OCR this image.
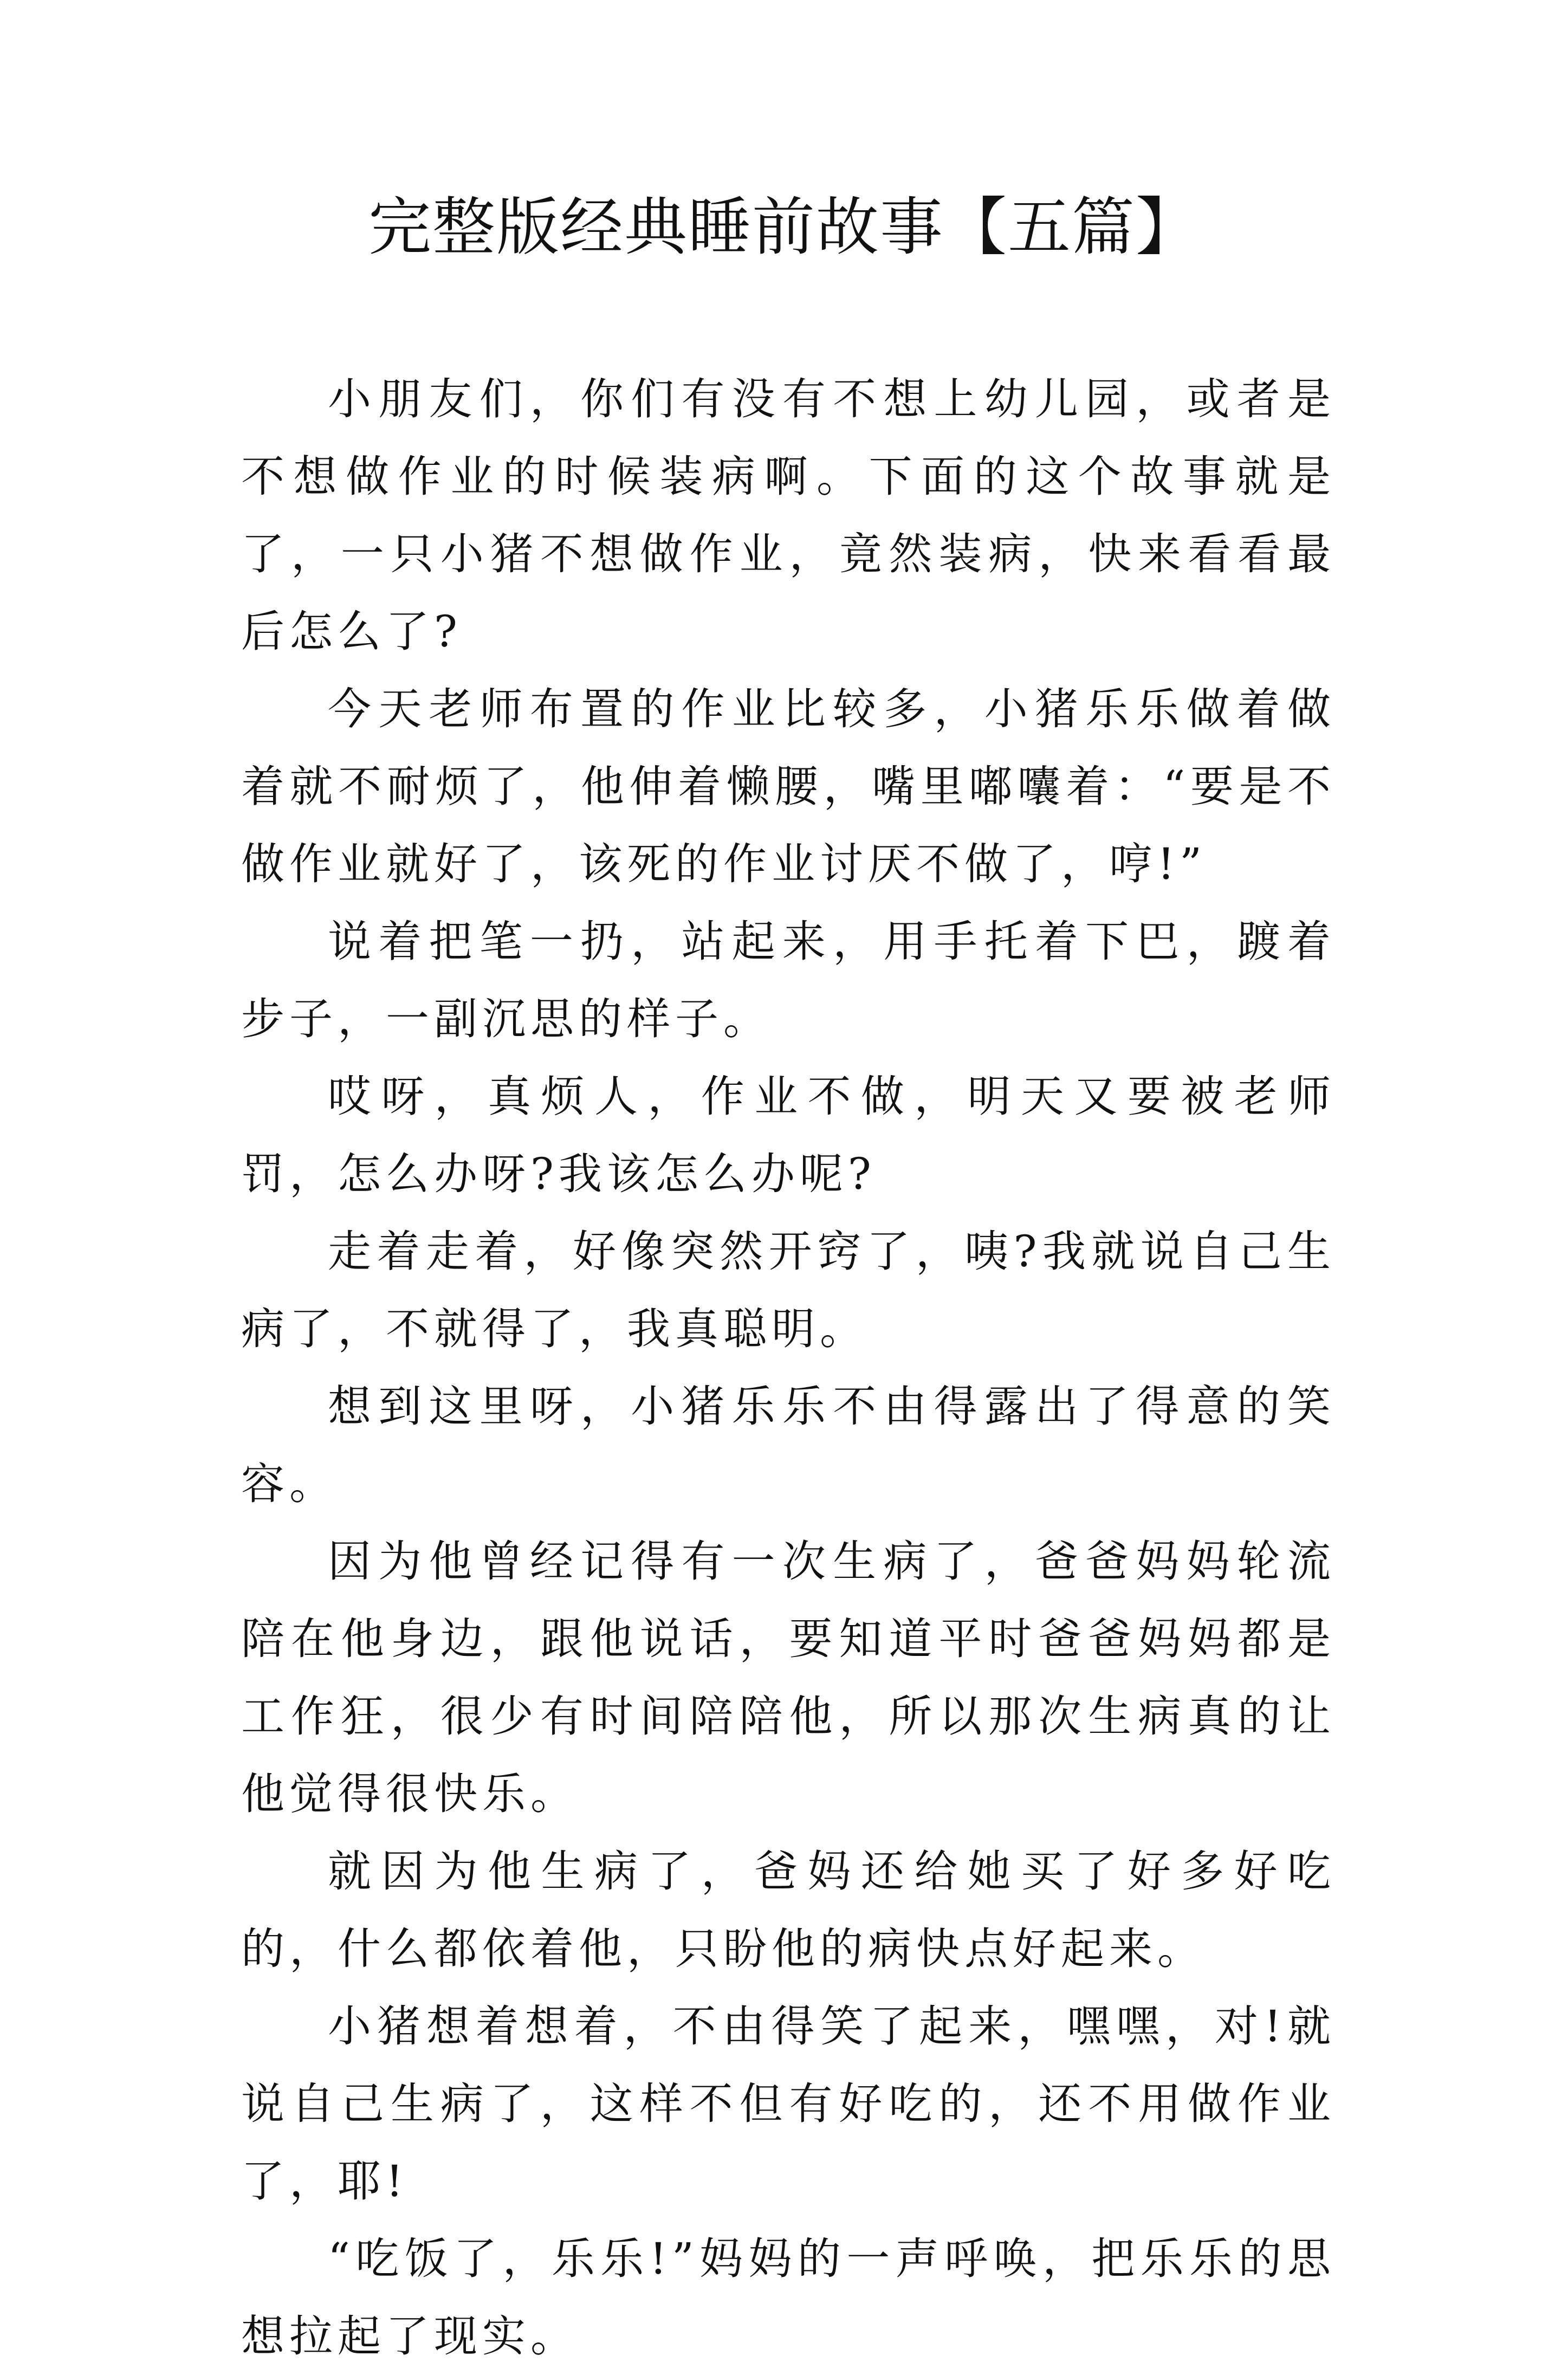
完整版经典睡前故事【五篇】

小朋友们，你们有没有不想上幼儿园，或者是不想做作业的时候装病啊。下面的这个故事就是了，一只小猪不想做作业，竟然装病，快来看看最后怎么了?

今天老师布置的作业比较多，小猪乐乐做着做着就不耐烦了，他伸着懒腰，嘴里嘟囔着：“要是不做作业就好了，该死的作业讨厌不做了，哼!”

说着把笔一扔，站起来，用手托着下巴，踱着步子，一副沉思的样子。

哎呀，真烦人，作业不做，明天又要被老师罚，怎么办呀?我该怎么办呢?

走着走着，好像突然开窍了，咦?我就说自己生病了，不就得了，我真聪明。

想到这里呀，小猪乐乐不由得露出了得意的笑容。

因为他曾经记得有一次生病了，爸爸妈妈轮流陪在他身边，跟他说话，要知道平时爸爸妈妈都是工作狂，很少有时间陪陪他，所以那次生病真的让他觉得很快乐。

就因为他生病了，爸妈还给她买了好多好吃的，什么都依着他，只盼他的病快点好起来。

小猪想着想着，不由得笑了起来，嘿嘿，对!就说自己生病了，这样不但有好吃的，还不用做作业了，耶!

“吃饭了，乐乐!”妈妈的一声呼唤，把乐乐的思想拉起了现实。
